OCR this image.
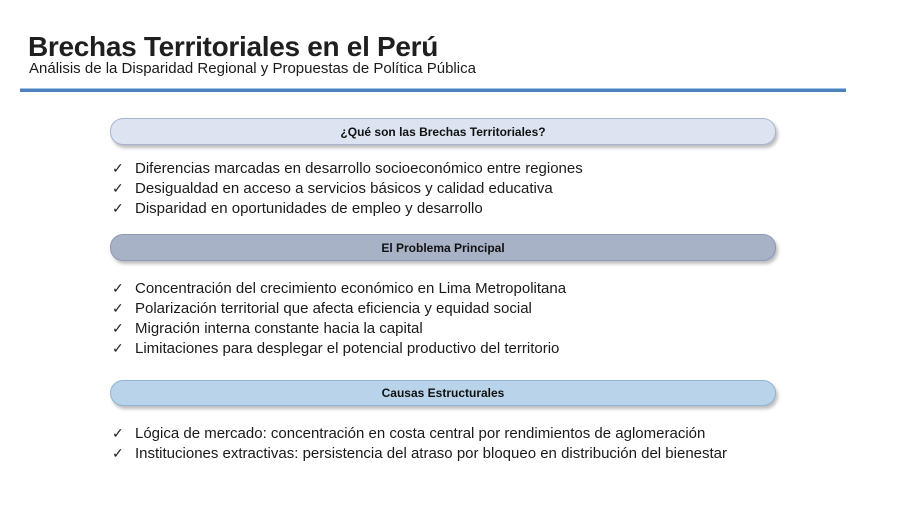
Brechas Territoriales en el Perú
Análisis de la Disparidad Regional y Propuestas de Política Pública
¿Qué son las Brechas Territoriales?
✓ Diferencias marcadas en desarrollo socioeconómico entre regiones
✓ Desigualdad en acceso a servicios básicos y calidad educativa
✓ Disparidad en oportunidades de empleo y desarrollo
El Problema Principal
✓ Concentración del crecimiento económico en Lima Metropolitana
✓ Polarización territorial que afecta eficiencia y equidad social
✓ Migración interna constante hacia la capital
✓ Limitaciones para desplegar el potencial productivo del territorio
Causas Estructurales
✓ Lógica de mercado: concentración en costa central por rendimientos de aglomeración
✓ Instituciones extractivas: persistencia del atraso por bloqueo en distribución del bienestar
